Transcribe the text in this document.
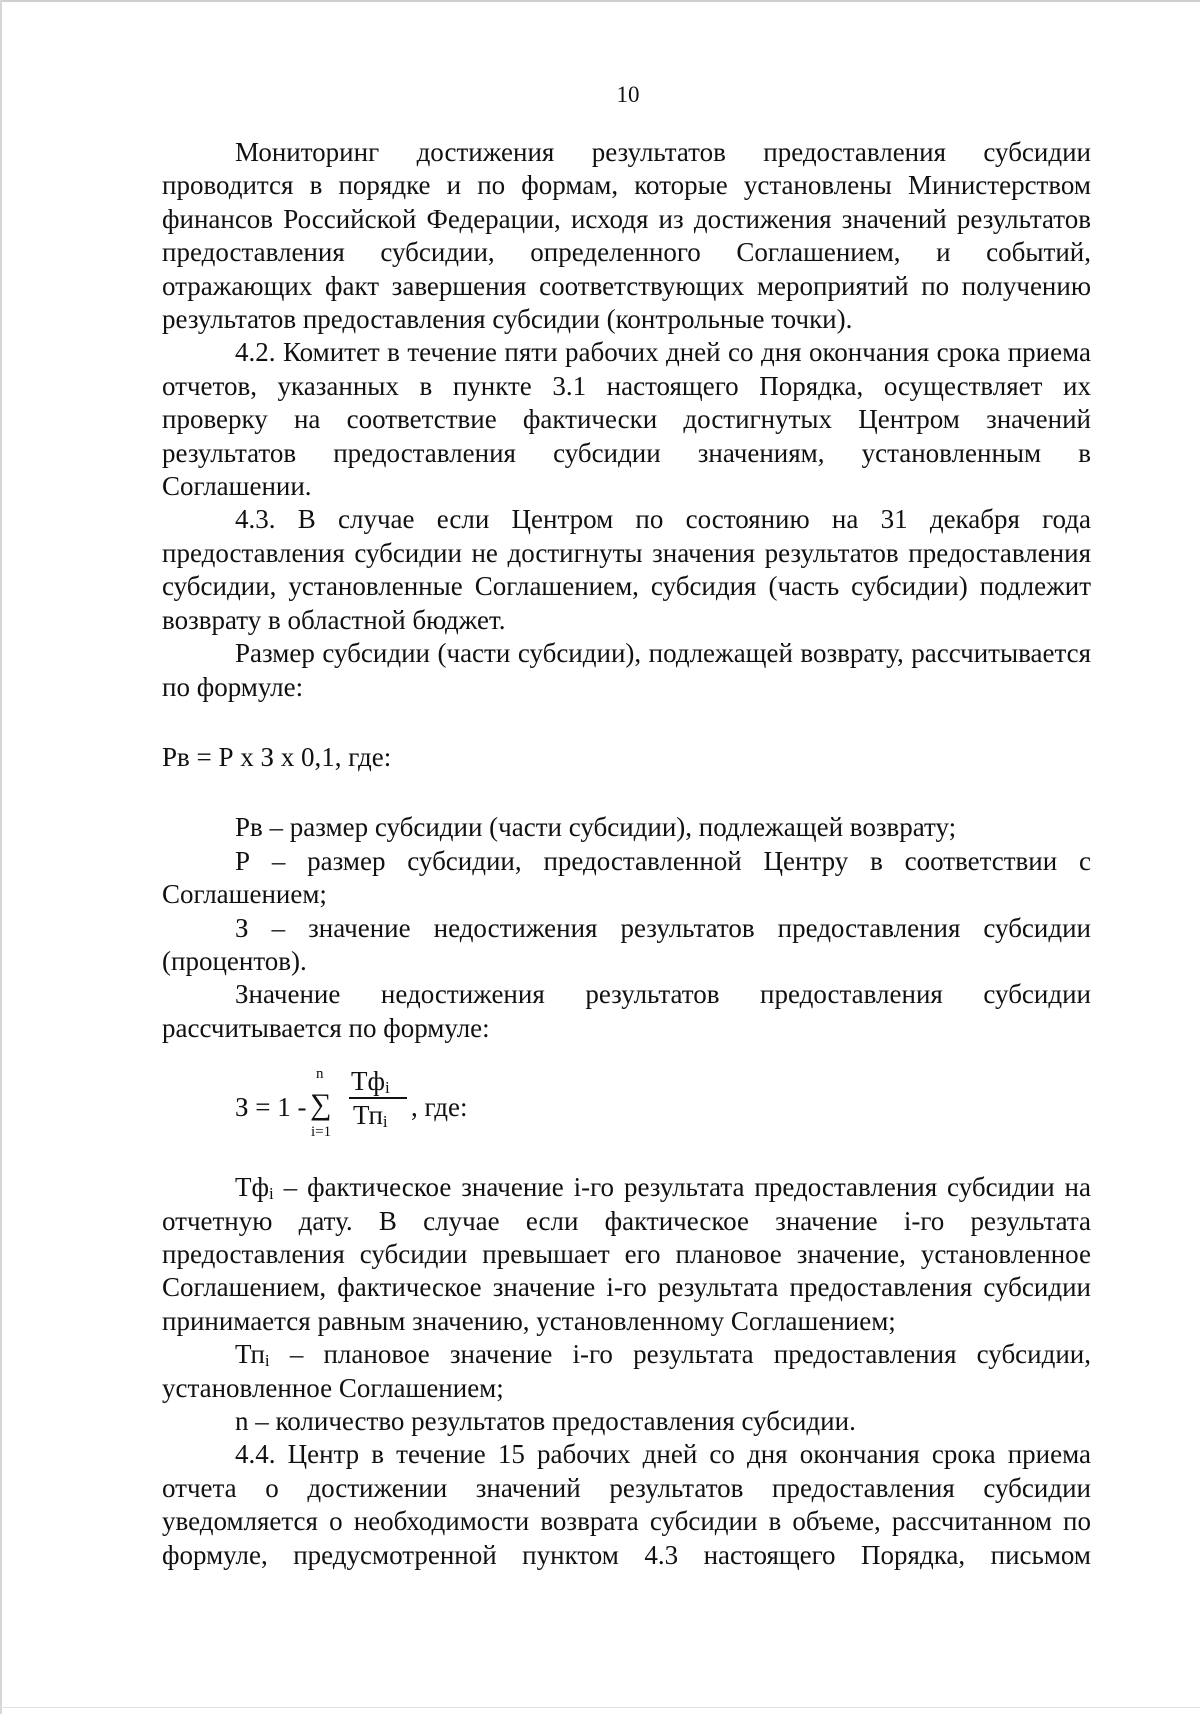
10

Мониторинг достижения результатов предоставления субсидии проводится в порядке и по формам, которые установлены Министерством финансов Российской Федерации, исходя из достижения значений результатов предоставления субсидии, определенного Соглашением, и событий, отражающих факт завершения соответствующих мероприятий по получению результатов предоставления субсидии (контрольные точки).

4.2. Комитет в течение пяти рабочих дней со дня окончания срока приема отчетов, указанных в пункте 3.1 настоящего Порядка, осуществляет их проверку на соответствие фактически достигнутых Центром значений результатов предоставления субсидии значениям, установленным в Соглашении.

4.3. В случае если Центром по состоянию на 31 декабря года предоставления субсидии не достигнуты значения результатов предоставления субсидии, установленные Соглашением, субсидия (часть субсидии) подлежит возврату в областной бюджет.

Размер субсидии (части субсидии), подлежащей возврату, рассчитывается по формуле:

Рв = Р х З х 0,1, где:

Рв – размер субсидии (части субсидии), подлежащей возврату;

Р – размер субсидии, предоставленной Центру в соответствии с Соглашением;

З – значение недостижения результатов предоставления субсидии (процентов).

Значение недостижения результатов предоставления субсидии рассчитывается по формуле:

З = 1 -
n
∑
i=1
$Тф_i$
$Тп_i$ , где:

$Тф_i$ – фактическое значение i-го результата предоставления субсидии на отчетную дату. В случае если фактическое значение i-го результата предоставления субсидии превышает его плановое значение, установленное Соглашением, фактическое значение i-го результата предоставления субсидии принимается равным значению, установленному Соглашением;

$Тп_i$ – плановое значение i-го результата предоставления субсидии, установленное Соглашением;

n – количество результатов предоставления субсидии.

4.4. Центр в течение 15 рабочих дней со дня окончания срока приема отчета о достижении значений результатов предоставления субсидии уведомляется о необходимости возврата субсидии в объеме, рассчитанном по формуле, предусмотренной пунктом 4.3 настоящего Порядка, письмом
